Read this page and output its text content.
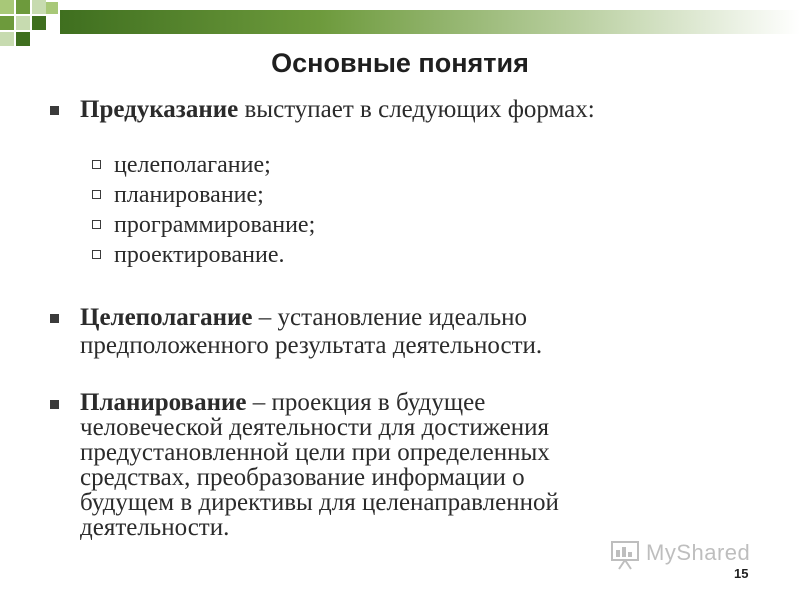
Основные понятия
Предуказание выступает в следующих формах:
целеполагание;
планирование;
программирование;
проектирование.
Целеполагание – установление идеально
предположенного результата деятельности.
Планирование – проекция в будущее
человеческой деятельности для достижения
предустановленной цели при определенных
средствах, преобразование информации о
будущем в директивы для целенаправленной
деятельности.
MyShared
15
